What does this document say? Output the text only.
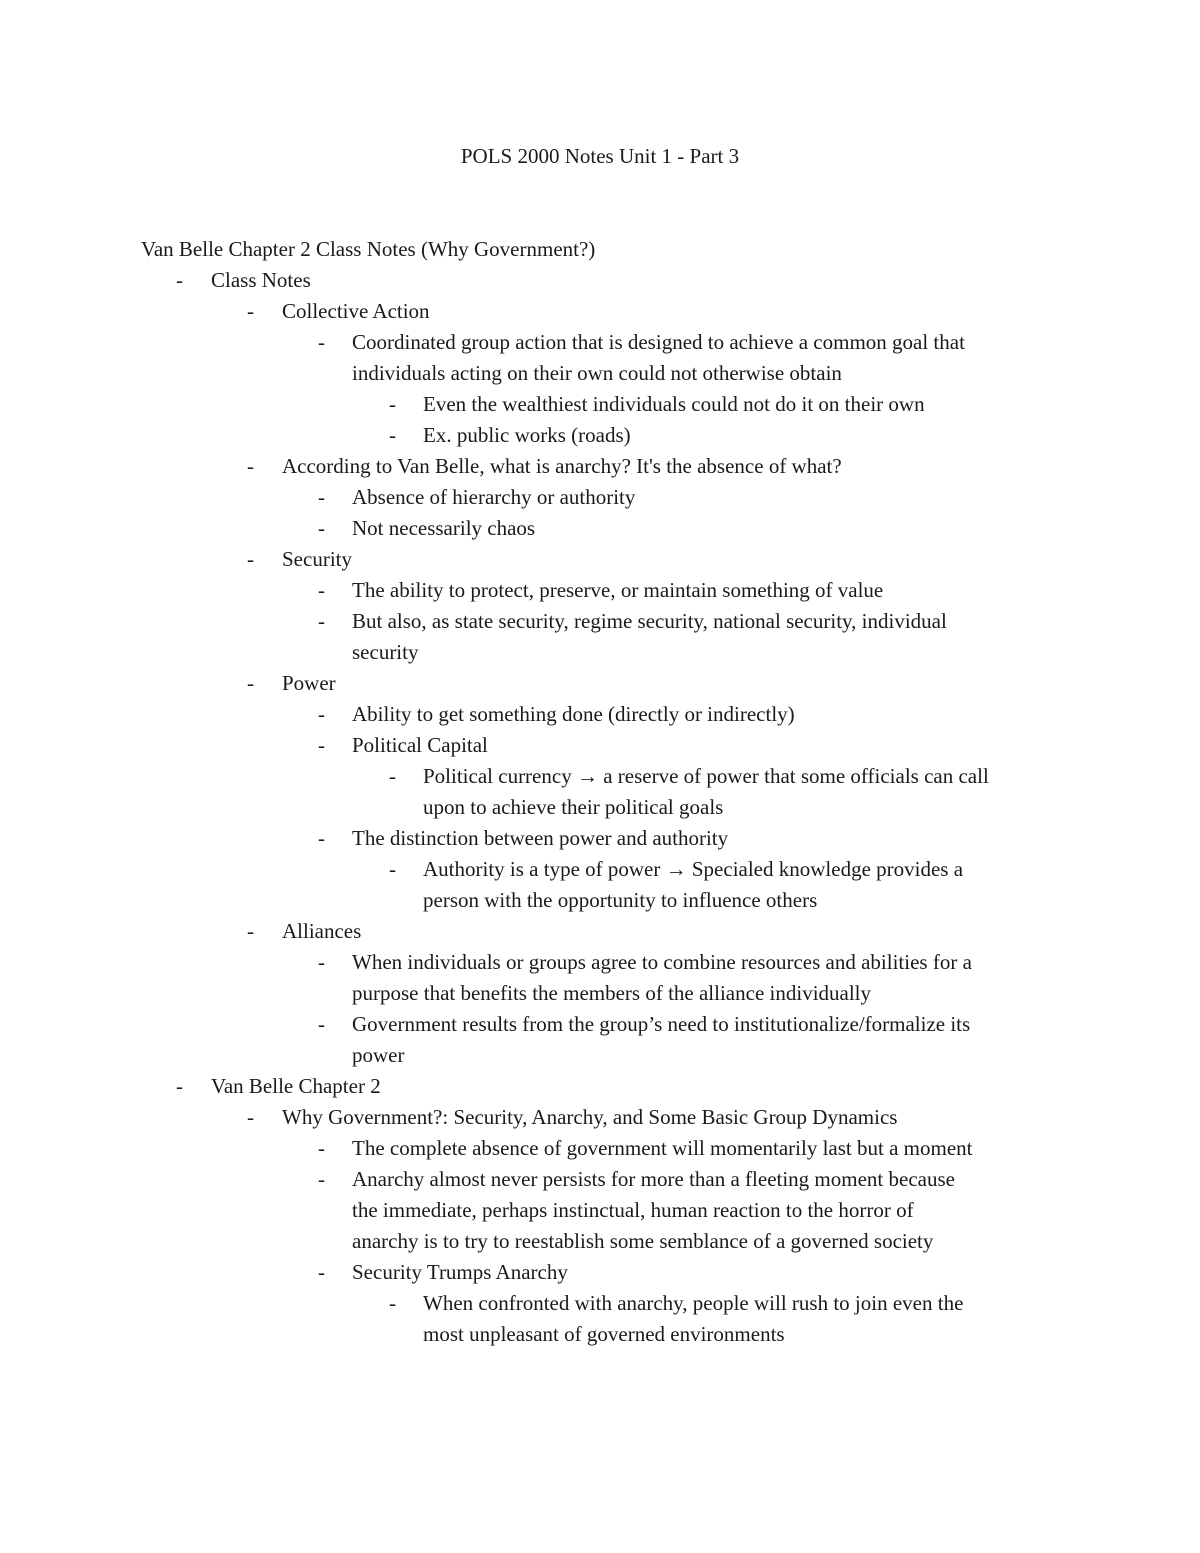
POLS 2000 Notes Unit 1 - Part 3

Van Belle Chapter 2 Class Notes (Why Government?)

- Class Notes
- Collective Action
- Coordinated group action that is designed to achieve a common goal that
individuals acting on their own could not otherwise obtain
- Even the wealthiest individuals could not do it on their own
- Ex. public works (roads)
- According to Van Belle, what is anarchy? It's the absence of what?
- Absence of hierarchy or authority
- Not necessarily chaos
- Security
- The ability to protect, preserve, or maintain something of value
- But also, as state security, regime security, national security, individual
security
- Power
- Ability to get something done (directly or indirectly)
- Political Capital
- Political currency → a reserve of power that some officials can call
upon to achieve their political goals
- The distinction between power and authority
- Authority is a type of power → Specialed knowledge provides a
person with the opportunity to influence others
- Alliances
- When individuals or groups agree to combine resources and abilities for a
purpose that benefits the members of the alliance individually
- Government results from the group’s need to institutionalize/formalize its
power
- Van Belle Chapter 2
- Why Government?: Security, Anarchy, and Some Basic Group Dynamics
- The complete absence of government will momentarily last but a moment
- Anarchy almost never persists for more than a fleeting moment because
the immediate, perhaps instinctual, human reaction to the horror of
anarchy is to try to reestablish some semblance of a governed society
- Security Trumps Anarchy
- When confronted with anarchy, people will rush to join even the
most unpleasant of governed environments
